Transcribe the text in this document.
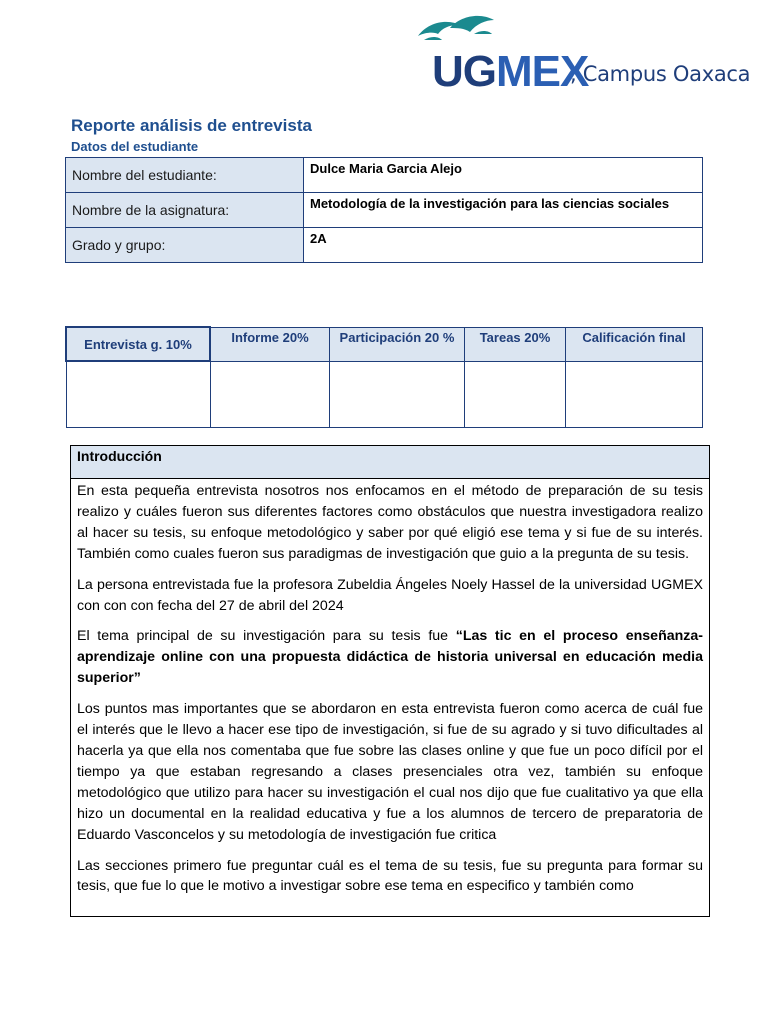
UGMEX
, Campus Oaxaca
Reporte análisis de entrevista
Datos del estudiante
Nombre del estudiante:	Dulce Maria Garcia Alejo
Nombre de la asignatura:	Metodología de la investigación para las ciencias sociales
Grado y grupo:	2A
Entrevista g. 10%	Informe 20%	Participación 20 %	Tareas 20%	Calificación final

Introducción

En esta pequeña entrevista nosotros nos enfocamos en el método de preparación de su tesis realizo y cuáles fueron sus diferentes factores como obstáculos que nuestra investigadora realizo al hacer su tesis, su enfoque metodológico y saber por qué eligió ese tema y si fue de su interés. También como cuales fueron sus paradigmas de investigación que guio a la pregunta de su tesis.

La persona entrevistada fue la profesora Zubeldia Ángeles Noely Hassel de la universidad UGMEX con con con fecha del 27 de abril del 2024

El tema principal de su investigación para su tesis fue “Las tic en el proceso enseñanza-aprendizaje online con una propuesta didáctica de historia universal en educación media superior”

Los puntos mas importantes que se abordaron en esta entrevista fueron como acerca de cuál fue el interés que le llevo a hacer ese tipo de investigación, si fue de su agrado y si tuvo dificultades al hacerla ya que ella nos comentaba que fue sobre las clases online y que fue un poco difícil por el tiempo ya que estaban regresando a clases presenciales otra vez, también su enfoque metodológico que utilizo para hacer su investigación el cual nos dijo que fue cualitativo ya que ella hizo un documental en la realidad educativa y fue a los alumnos de tercero de preparatoria de Eduardo Vasconcelos y su metodología de investigación fue critica

Las secciones primero fue preguntar cuál es el tema de su tesis, fue su pregunta para formar su tesis, que fue lo que le motivo a investigar sobre ese tema en especifico y también como
